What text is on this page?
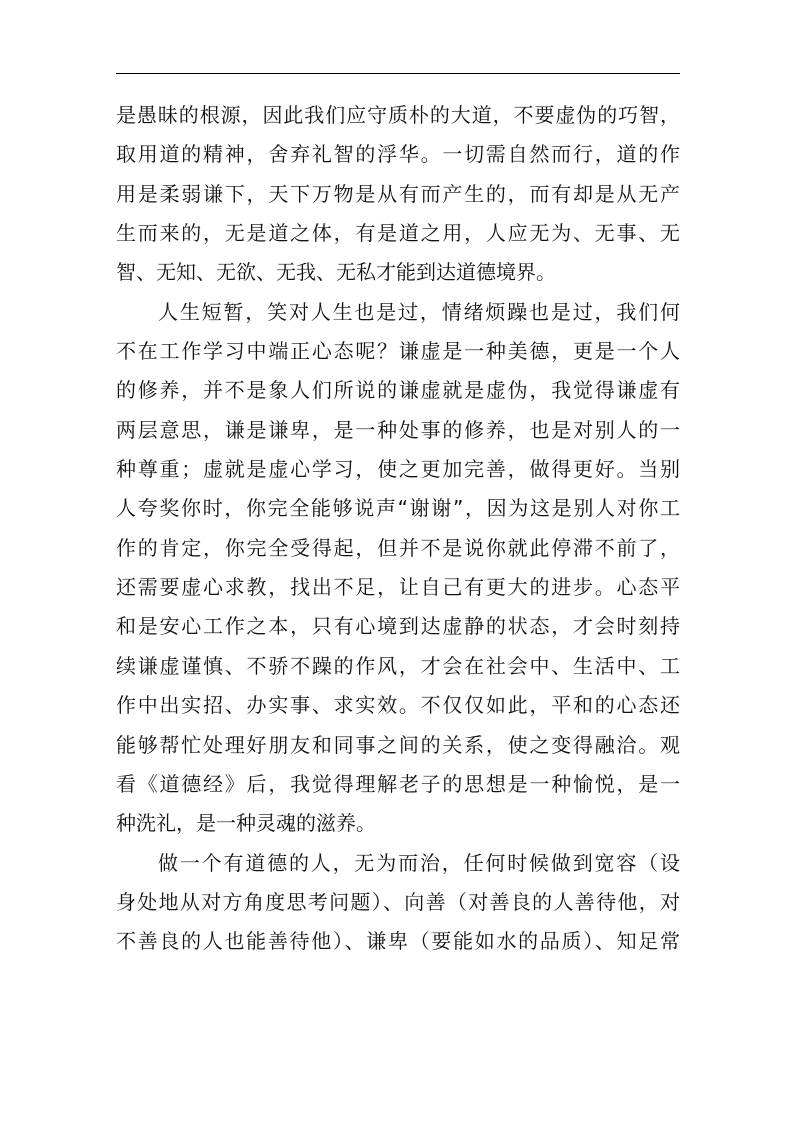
是愚昧的根源，因此我们应守质朴的大道，不要虚伪的巧智，
取用道的精神，舍弃礼智的浮华。一切需自然而行，道的作
用是柔弱谦下，天下万物是从有而产生的，而有却是从无产
生而来的，无是道之体，有是道之用，人应无为、无事、无
智、无知、无欲、无我、无私才能到达道德境界。
人生短暂，笑对人生也是过，情绪烦躁也是过，我们何
不在工作学习中端正心态呢？谦虚是一种美德，更是一个人
的修养，并不是象人们所说的谦虚就是虚伪，我觉得谦虚有
两层意思，谦是谦卑，是一种处事的修养，也是对别人的一
种尊重；虚就是虚心学习，使之更加完善，做得更好。当别
人夸奖你时，你完全能够说声“谢谢”，因为这是别人对你工
作的肯定，你完全受得起，但并不是说你就此停滞不前了，
还需要虚心求教，找出不足，让自己有更大的进步。心态平
和是安心工作之本，只有心境到达虚静的状态，才会时刻持
续谦虚谨慎、不骄不躁的作风，才会在社会中、生活中、工
作中出实招、办实事、求实效。不仅仅如此，平和的心态还
能够帮忙处理好朋友和同事之间的关系，使之变得融洽。观
看《道德经》后，我觉得理解老子的思想是一种愉悦，是一
种洗礼，是一种灵魂的滋养。
做一个有道德的人，无为而治，任何时候做到宽容（设
身处地从对方角度思考问题）、向善（对善良的人善待他，对
不善良的人也能善待他）、谦卑（要能如水的品质）、知足常
